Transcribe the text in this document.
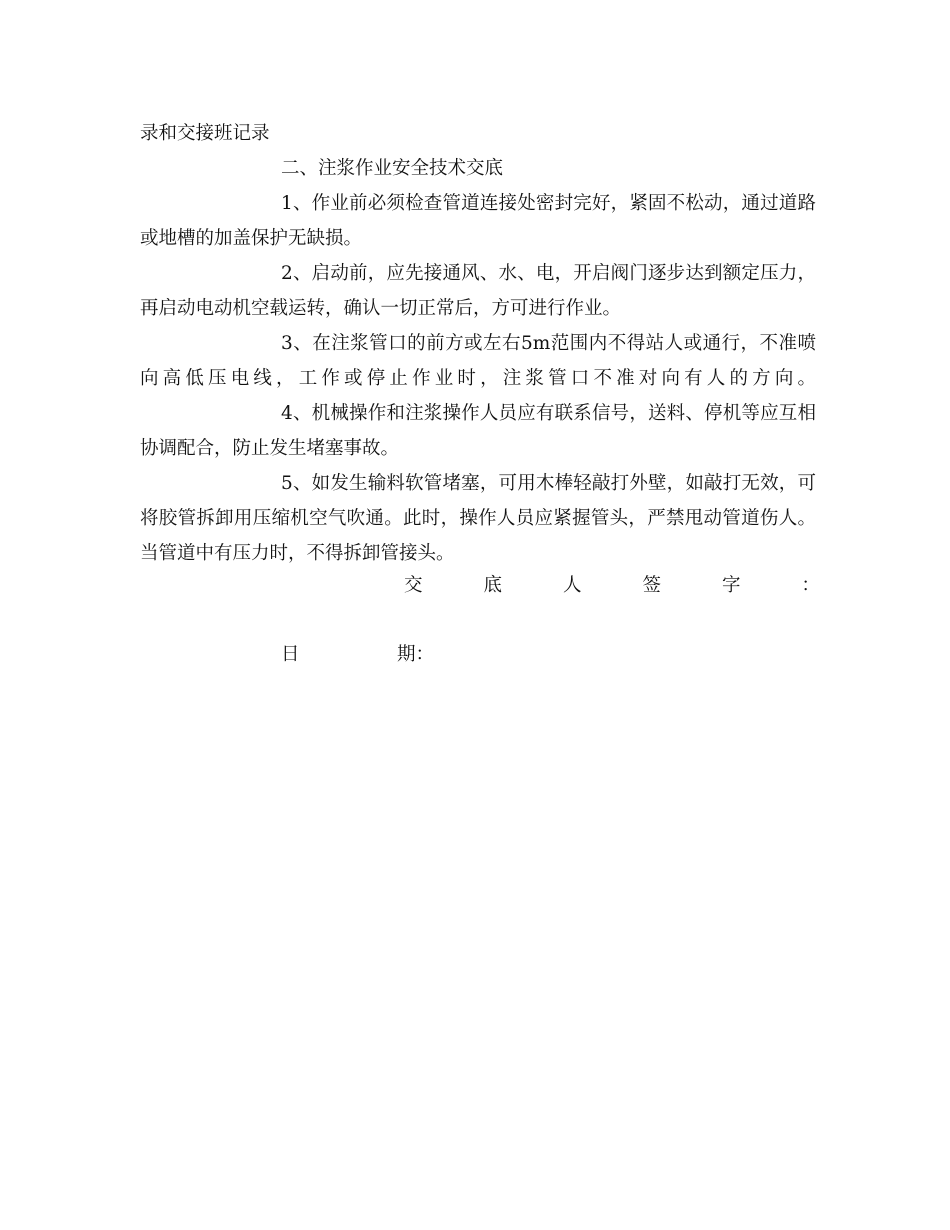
录和交接班记录
二、注浆作业安全技术交底
1、作业前必须检查管道连接处密封完好，紧固不松动，通过道路
或地槽的加盖保护无缺损。
2、启动前，应先接通风、水、电，开启阀门逐步达到额定压力，
再启动电动机空载运转，确认一切正常后，方可进行作业。
3、在注浆管口的前方或左右5m范围内不得站人或通行，不准喷
向高低压电线，工作或停止作业时，注浆管口不准对向有人的方向。
4、机械操作和注浆操作人员应有联系信号，送料、停机等应互相
协调配合，防止发生堵塞事故。
5、如发生输料软管堵塞，可用木棒轻敲打外壁，如敲打无效，可
将胶管拆卸用压缩机空气吹通。此时，操作人员应紧握管头，严禁甩动管道伤人。
当管道中有压力时，不得拆卸管接头。
交	底	人	签	字	：
日	期：
